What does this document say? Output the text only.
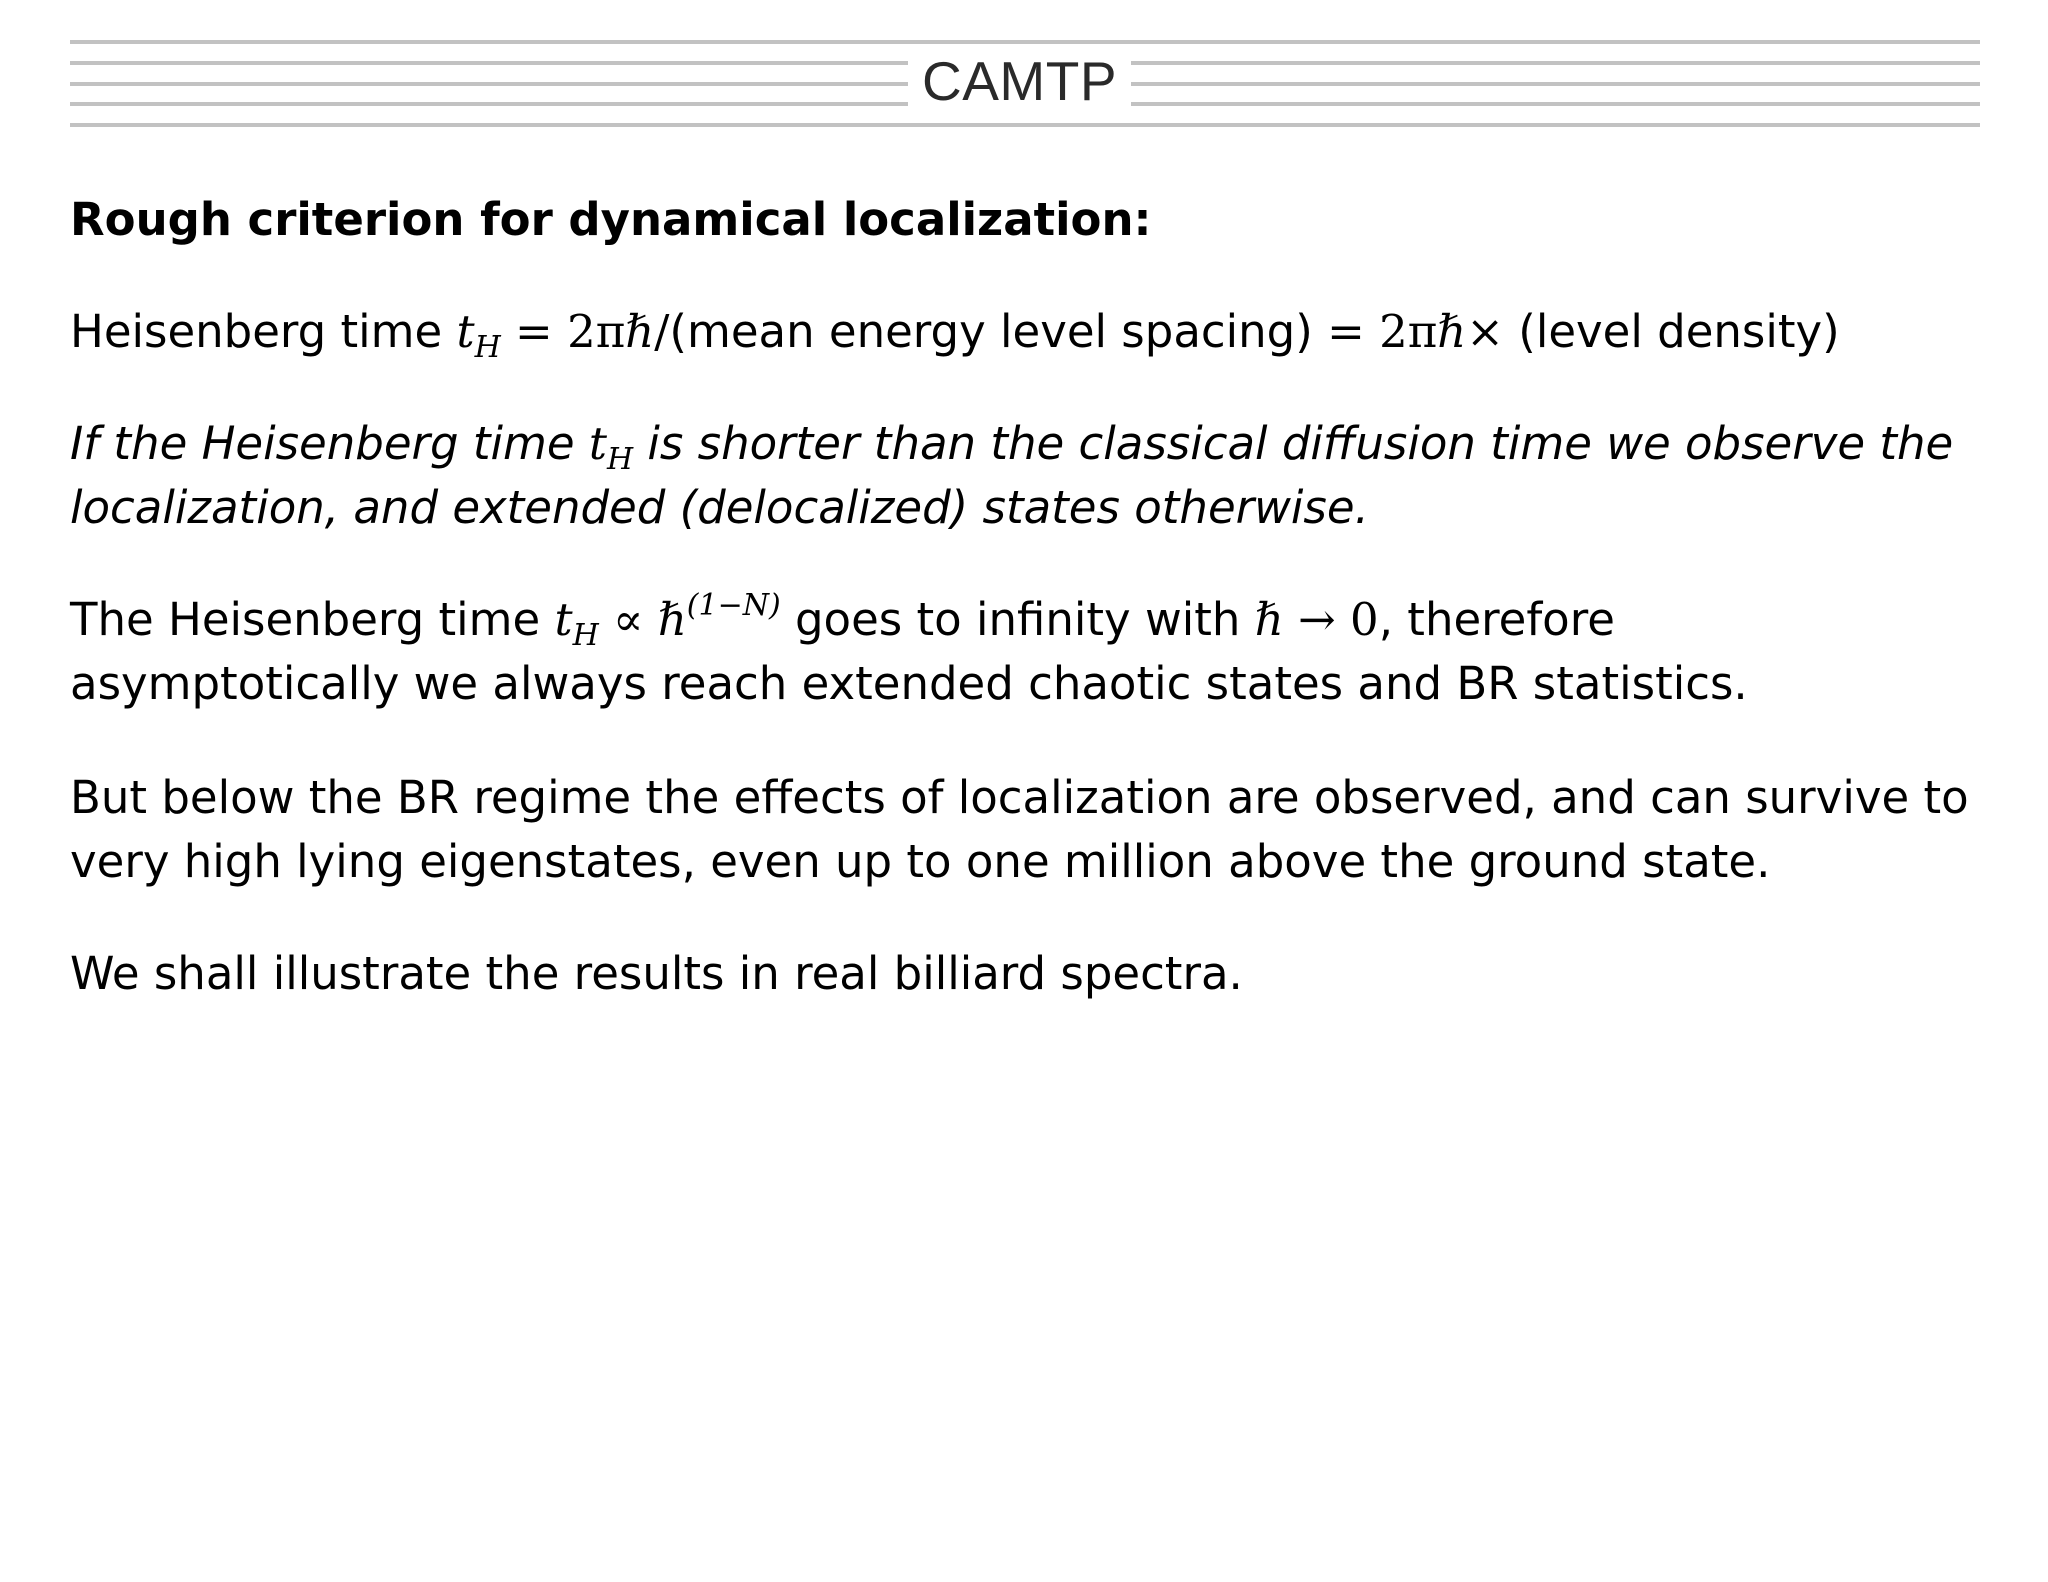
CAMTP

Rough criterion for dynamical localization:

Heisenberg time $t_H$ = 2πℏ/(mean energy level spacing) = 2πℏ× (level density)

If the Heisenberg time $t_H$ is shorter than the classical diffusion time we observe the
localization, and extended (delocalized) states otherwise.

The Heisenberg time $t_H$ ∝ ℏ$^{(1-N)}$ goes to infinity with ℏ → 0, therefore
asymptotically we always reach extended chaotic states and BR statistics.

But below the BR regime the effects of localization are observed, and can survive to
very high lying eigenstates, even up to one million above the ground state.

We shall illustrate the results in real billiard spectra.
